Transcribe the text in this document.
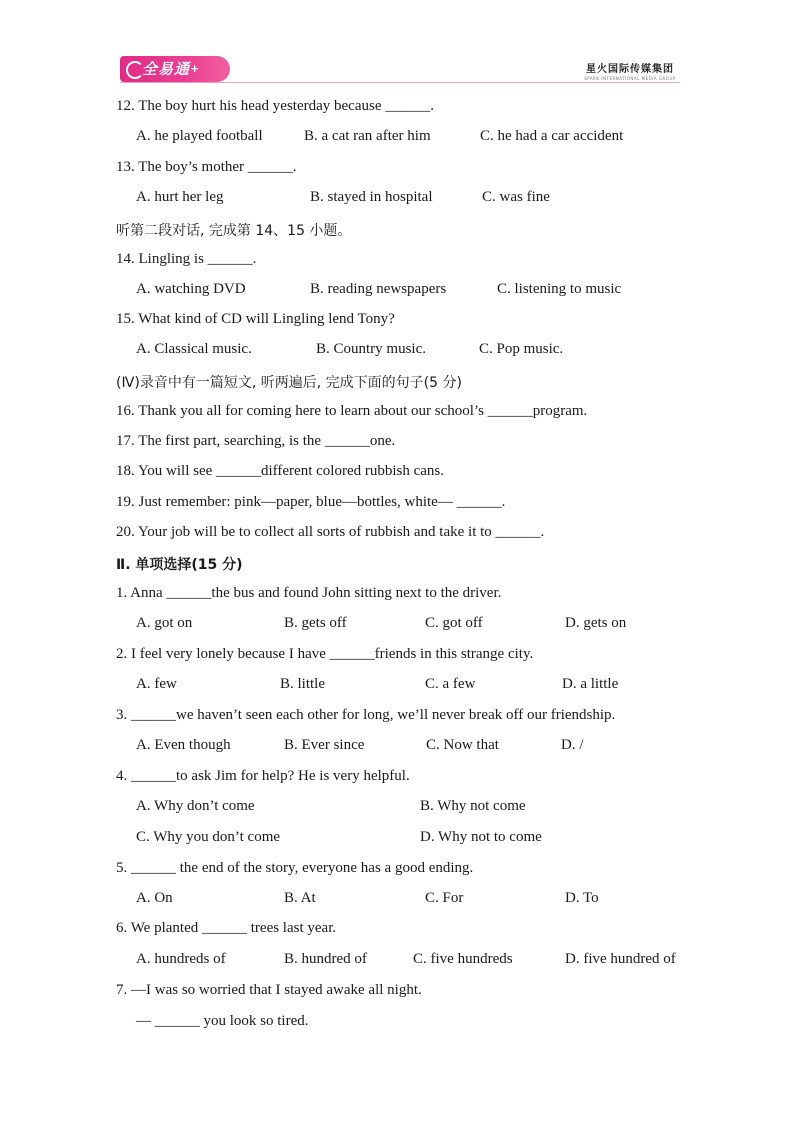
全易通+	星火国际传媒集团
SPARK INTERNATIONAL MEDIA GROUP
12. The boy hurt his head yesterday because ______.
A. he played football	B. a cat ran after him	C. he had a car accident
13. The boy’s mother ______.
A. hurt her leg	B. stayed in hospital	C. was fine
听第二段对话, 完成第 14、15 小题。
14. Lingling is ______.
A. watching DVD	B. reading newspapers	C. listening to music
15. What kind of CD will Lingling lend Tony?
A. Classical music.	B. Country music.	C. Pop music.
(Ⅳ)录音中有一篇短文, 听两遍后, 完成下面的句子(5 分)
16. Thank you all for coming here to learn about our school’s ______program.
17. The first part, searching, is the ______one.
18. You will see ______different colored rubbish cans.
19. Just remember: pink—paper, blue—bottles, white— ______.
20. Your job will be to collect all sorts of rubbish and take it to ______.
Ⅱ. 单项选择(15 分)
1. Anna ______the bus and found John sitting next to the driver.
A. got on	B. gets off	C. got off	D. gets on
2. I feel very lonely because I have ______friends in this strange city.
A. few	B. little	C. a few	D. a little
3. ______we haven’t seen each other for long, we’ll never break off our friendship.
A. Even though	B. Ever since	C. Now that	D. /
4. ______to ask Jim for help? He is very helpful.
A. Why don’t come	B. Why not come
C. Why you don’t come	D. Why not to come
5. ______ the end of the story, everyone has a good ending.
A. On	B. At	C. For	D. To
6. We planted ______ trees last year.
A. hundreds of	B. hundred of	C. five hundreds	D. five hundred of
7. —I was so worried that I stayed awake all night.
— ______ you look so tired.
